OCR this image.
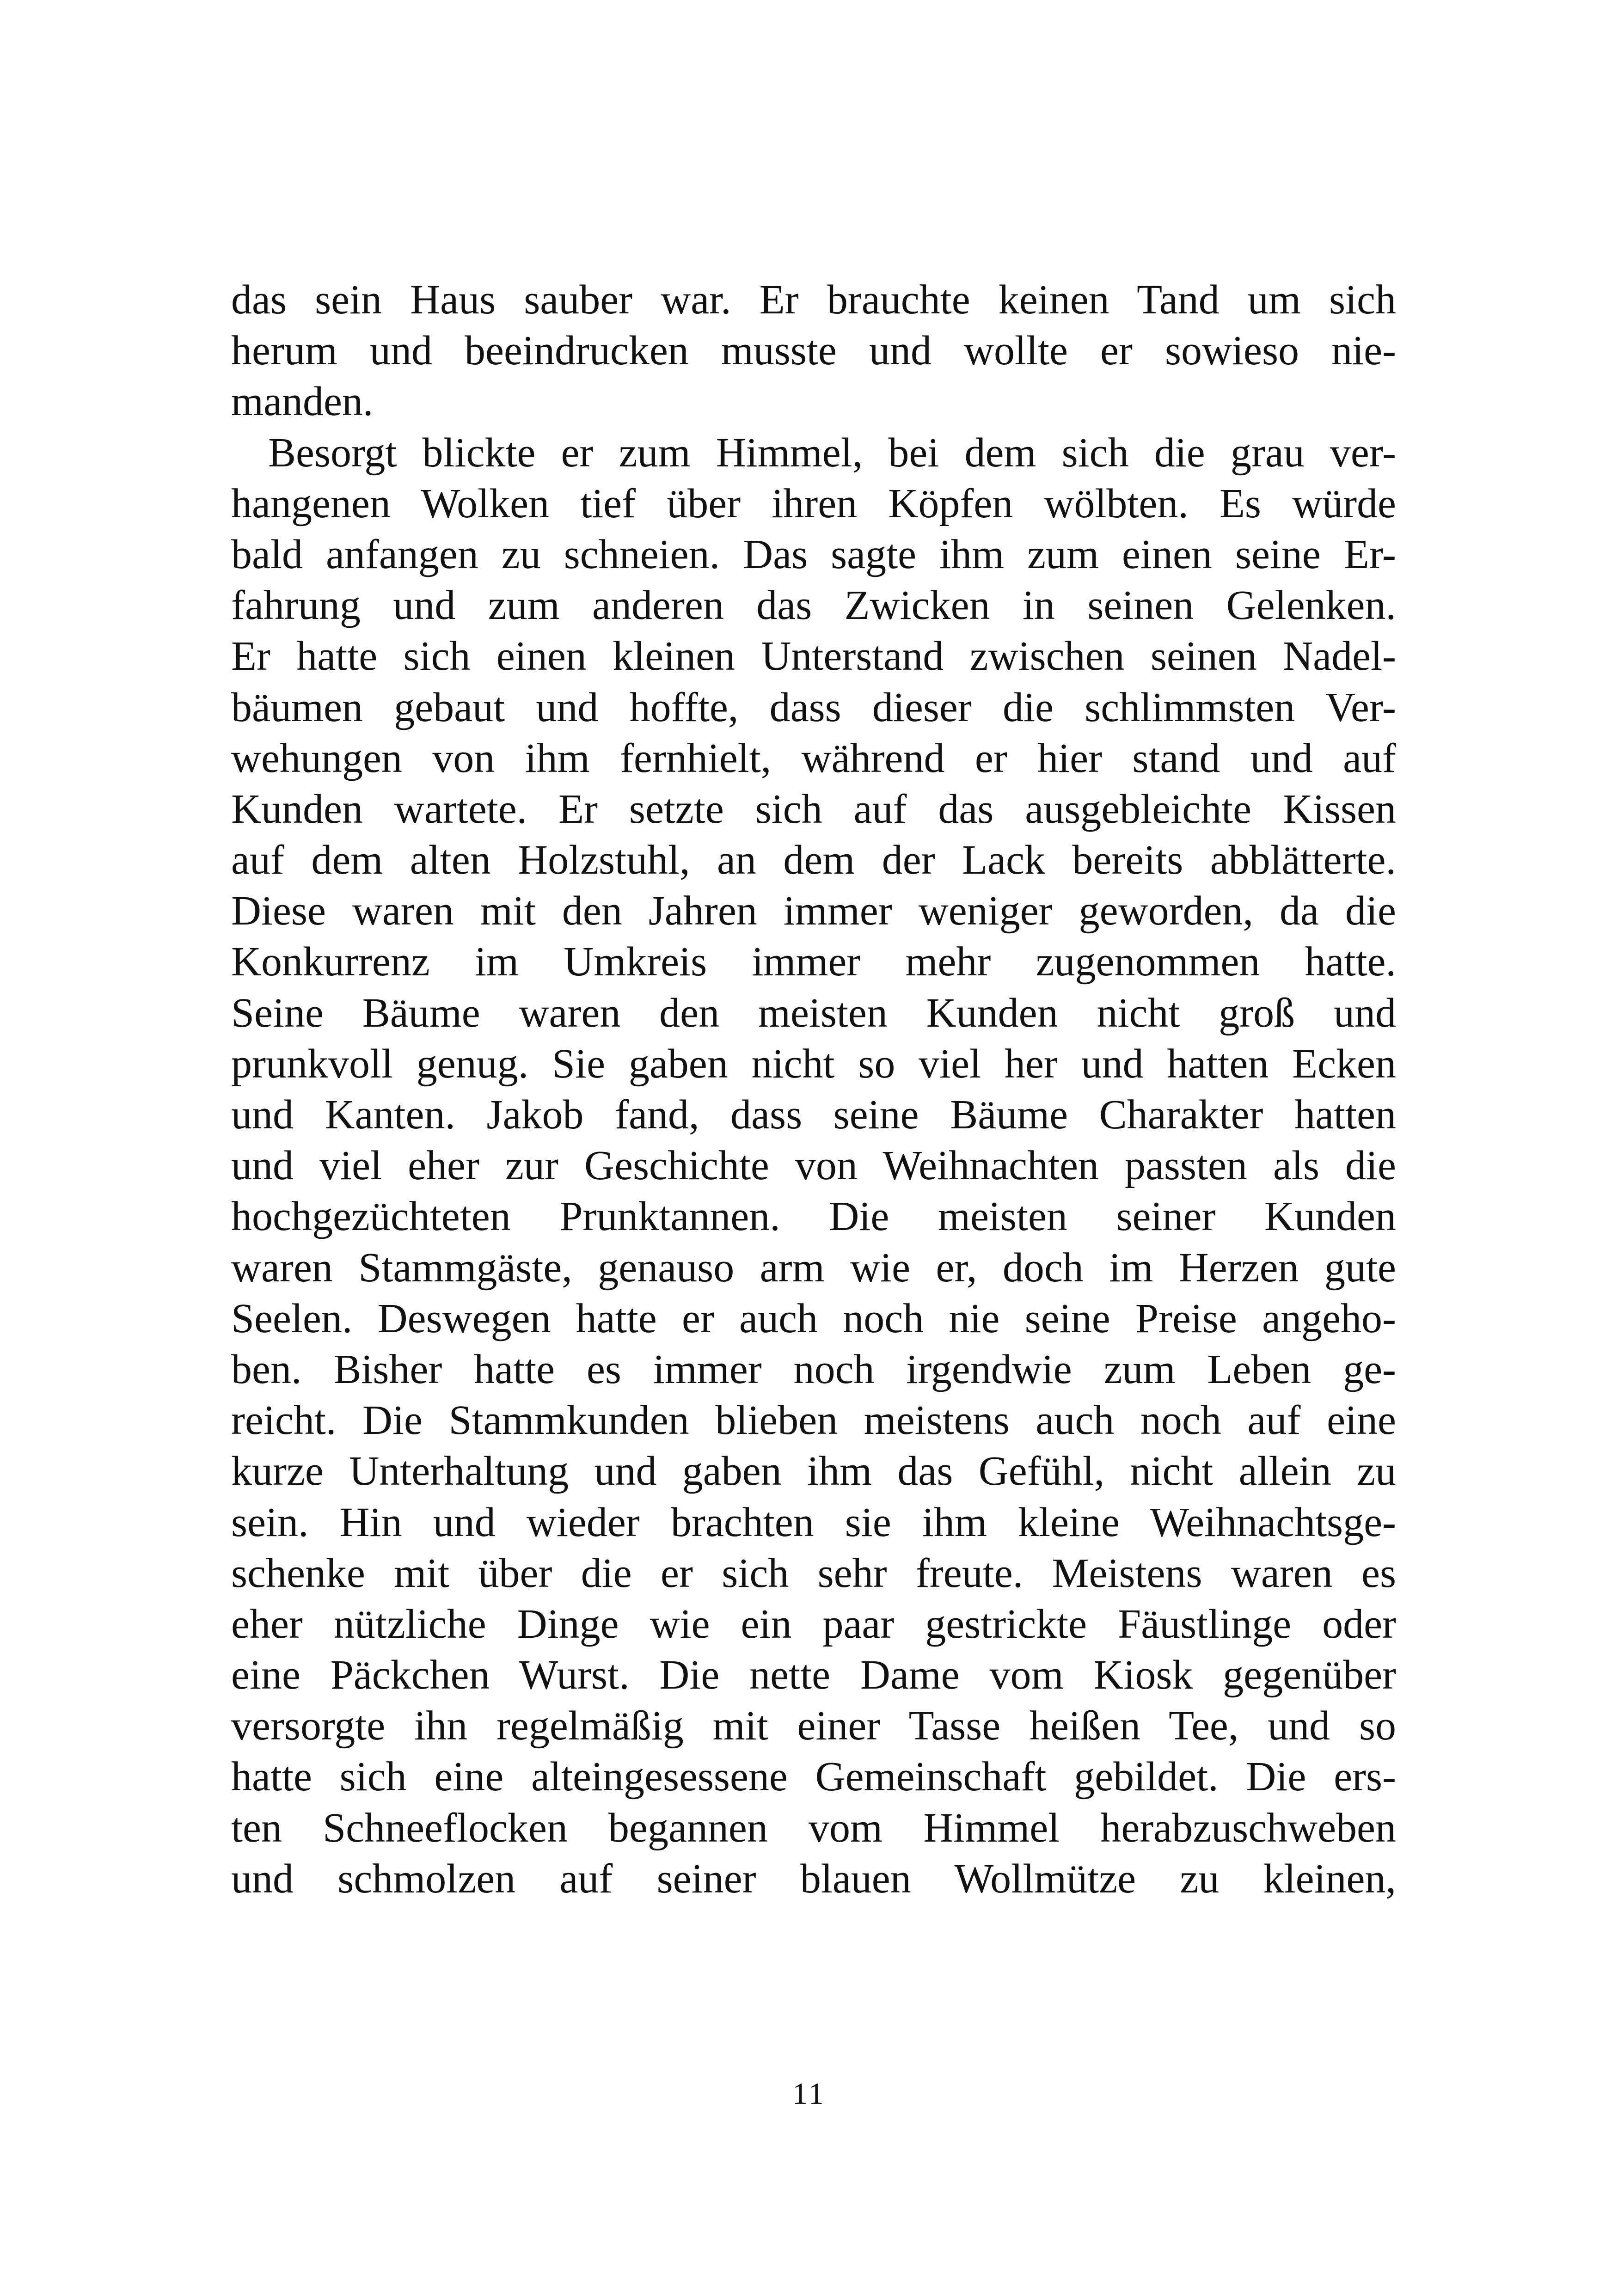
das sein Haus sauber war. Er brauchte keinen Tand um sich
herum und beeindrucken musste und wollte er sowieso nie-
manden.
Besorgt blickte er zum Himmel, bei dem sich die grau ver-
hangenen Wolken tief über ihren Köpfen wölbten. Es würde
bald anfangen zu schneien. Das sagte ihm zum einen seine Er-
fahrung und zum anderen das Zwicken in seinen Gelenken.
Er hatte sich einen kleinen Unterstand zwischen seinen Nadel-
bäumen gebaut und hoffte, dass dieser die schlimmsten Ver-
wehungen von ihm fernhielt, während er hier stand und auf
Kunden wartete. Er setzte sich auf das ausgebleichte Kissen
auf dem alten Holzstuhl, an dem der Lack bereits abblätterte.
Diese waren mit den Jahren immer weniger geworden, da die
Konkurrenz im Umkreis immer mehr zugenommen hatte.
Seine Bäume waren den meisten Kunden nicht groß und
prunkvoll genug. Sie gaben nicht so viel her und hatten Ecken
und Kanten. Jakob fand, dass seine Bäume Charakter hatten
und viel eher zur Geschichte von Weihnachten passten als die
hochgezüchteten Prunktannen. Die meisten seiner Kunden
waren Stammgäste, genauso arm wie er, doch im Herzen gute
Seelen. Deswegen hatte er auch noch nie seine Preise angeho-
ben. Bisher hatte es immer noch irgendwie zum Leben ge-
reicht. Die Stammkunden blieben meistens auch noch auf eine
kurze Unterhaltung und gaben ihm das Gefühl, nicht allein zu
sein. Hin und wieder brachten sie ihm kleine Weihnachtsge-
schenke mit über die er sich sehr freute. Meistens waren es
eher nützliche Dinge wie ein paar gestrickte Fäustlinge oder
eine Päckchen Wurst. Die nette Dame vom Kiosk gegenüber
versorgte ihn regelmäßig mit einer Tasse heißen Tee, und so
hatte sich eine alteingesessene Gemeinschaft gebildet. Die ers-
ten Schneeflocken begannen vom Himmel herabzuschweben
und schmolzen auf seiner blauen Wollmütze zu kleinen,
11
